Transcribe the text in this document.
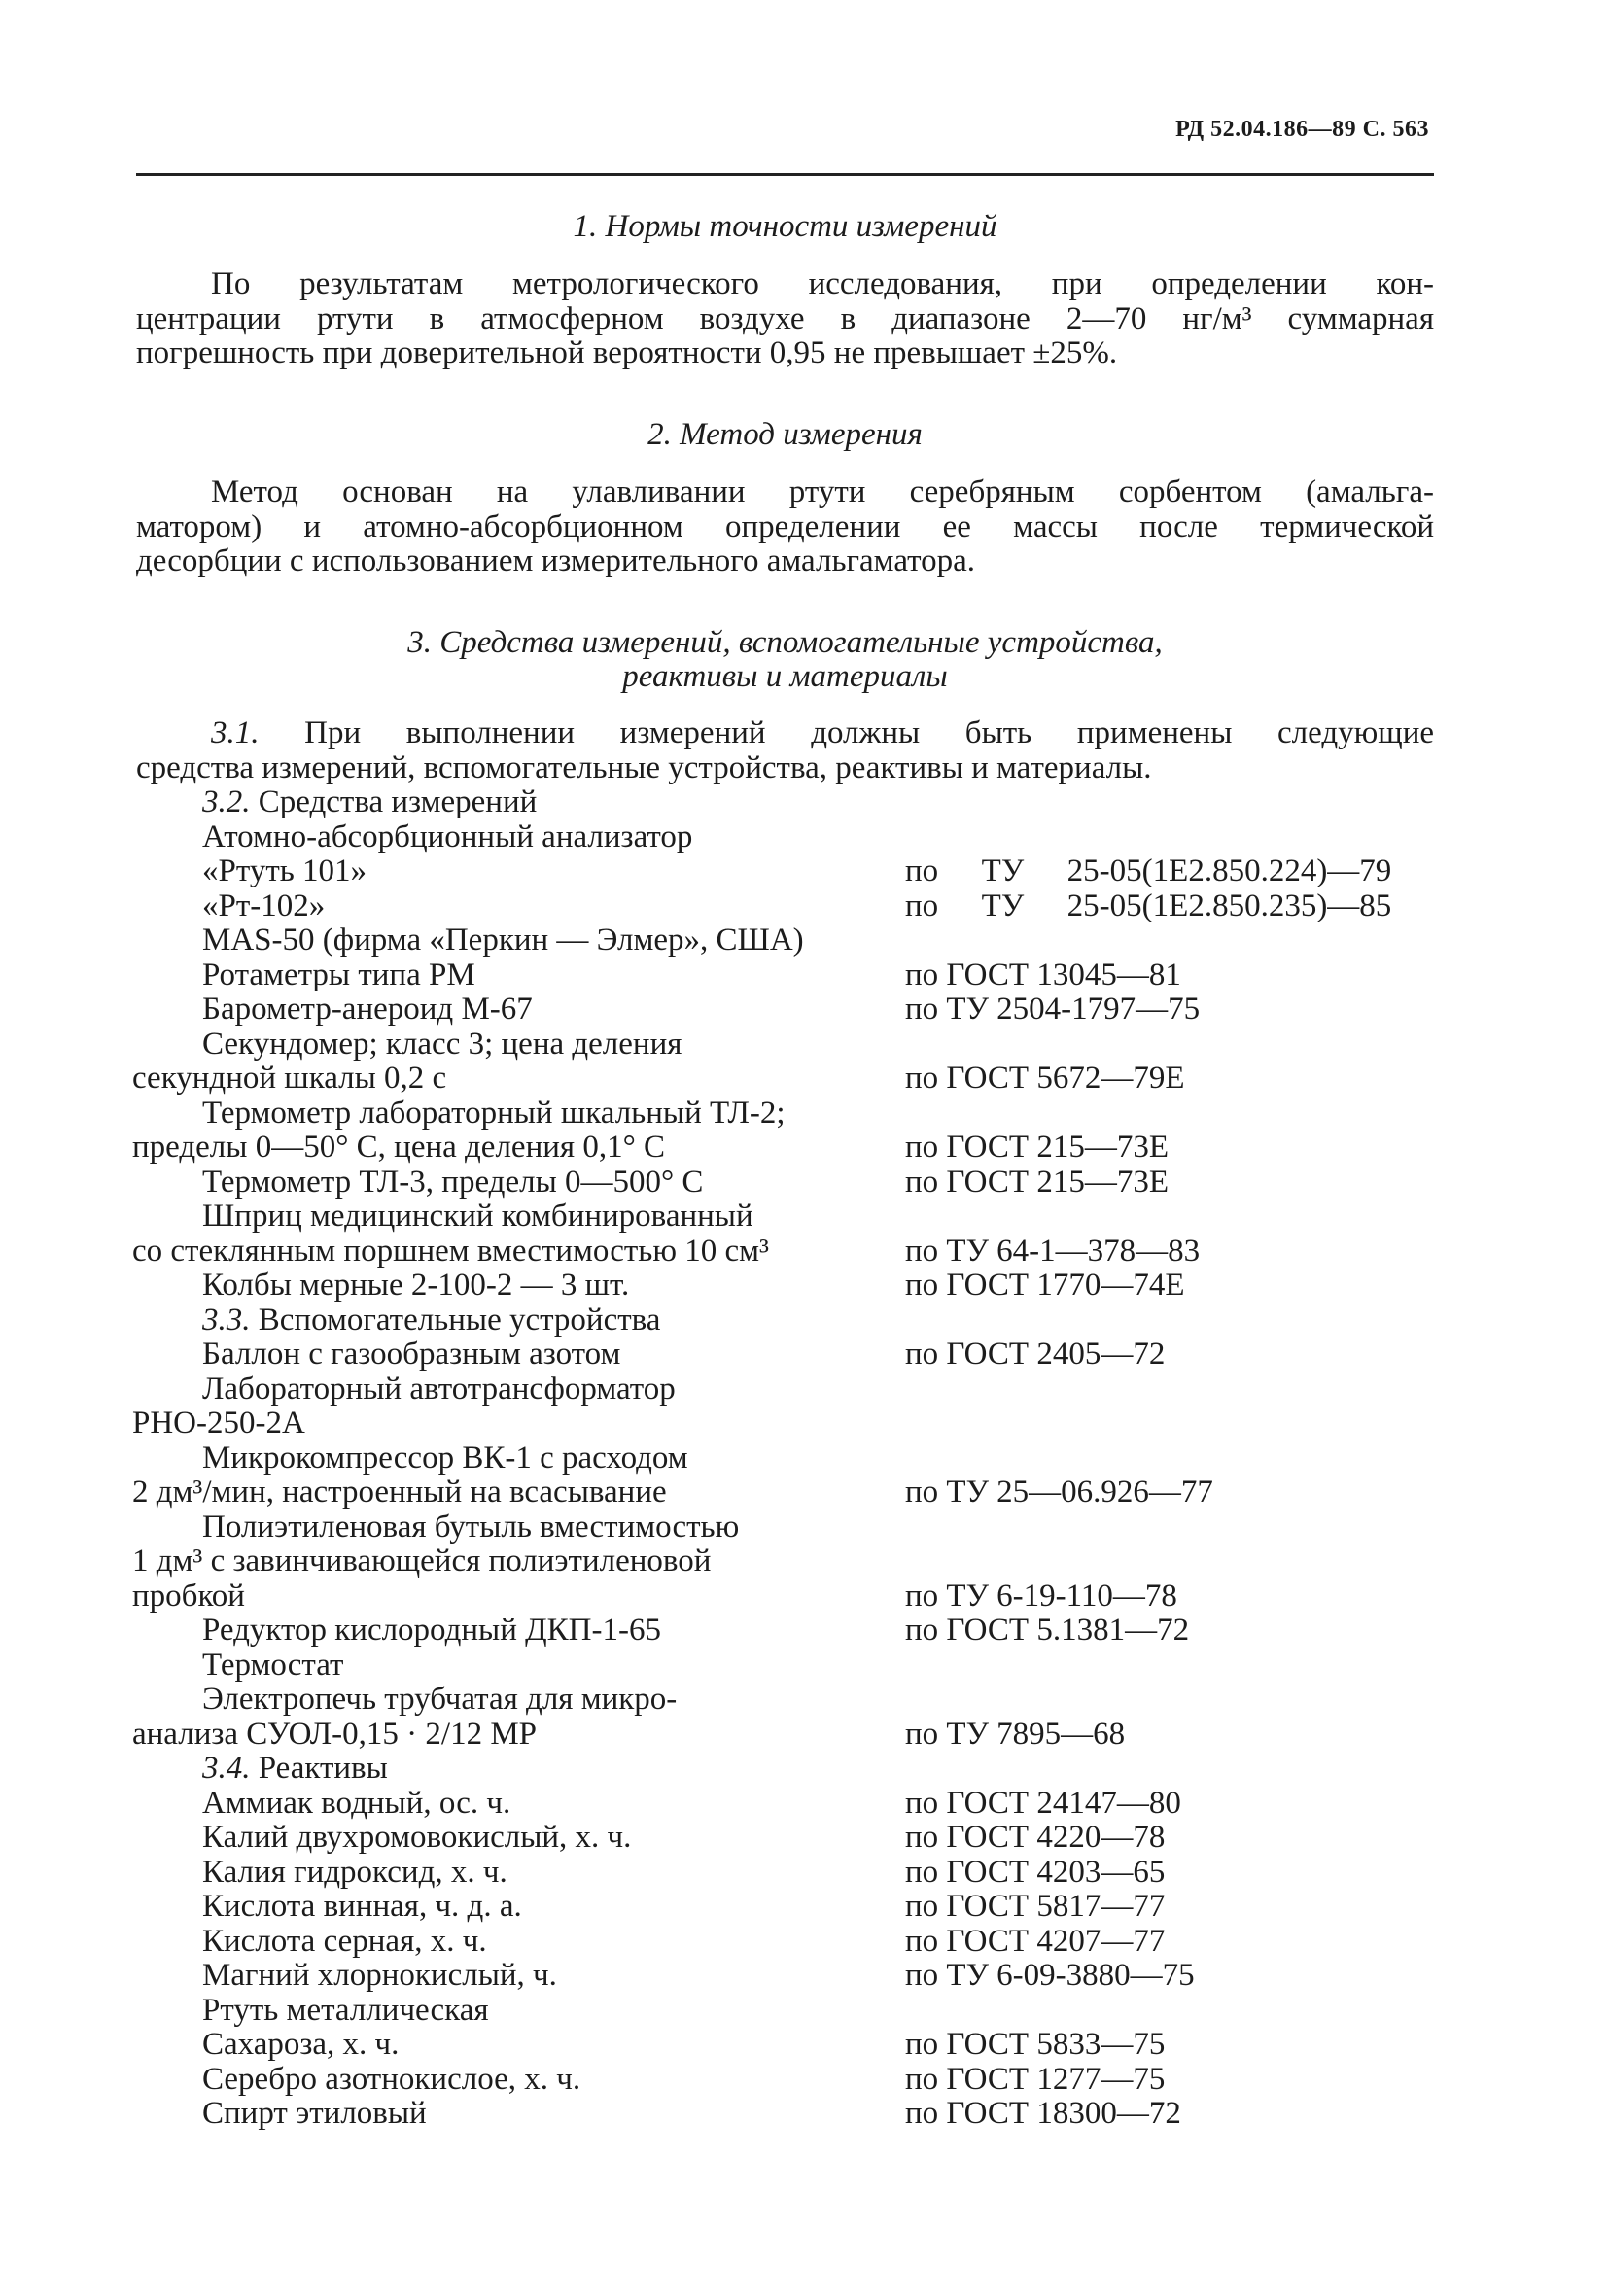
РД 52.04.186—89 С. 563
1. Нормы точности измерений
По результатам метрологического исследования, при определении кон-
центрации ртути в атмосферном воздухе в диапазоне 2—70 нг/м³ суммарная
погрешность при доверительной вероятности 0,95 не превышает ±25%.
2. Метод измерения
Метод основан на улавливании ртути серебряным сорбентом (амальга-
матором) и атомно-абсорбционном определении ее массы после термической
десорбции с использованием измерительного амальгаматора.
3. Средства измерений, вспомогательные устройства,
реактивы и материалы
3.1. При выполнении измерений должны быть применены следующие
средства измерений, вспомогательные устройства, реактивы и материалы.
3.2. Средства измерений
Атомно-абсорбционный анализатор
«Ртуть 101»	по  ТУ  25-05(1Е2.850.224)—79
«Рт-102»	по  ТУ  25-05(1Е2.850.235)—85
MAS-50 (фирма «Перкин — Элмер», США)
Ротаметры типа РМ	по ГОСТ 13045—81
Барометр-анероид М-67	по ТУ 2504-1797—75
Секундомер; класс 3; цена деления
секундной шкалы 0,2 с	по ГОСТ 5672—79Е
Термометр лабораторный шкальный ТЛ-2;
пределы 0—50° С, цена деления 0,1° С	по ГОСТ 215—73Е
Термометр ТЛ-3, пределы 0—500° С	по ГОСТ 215—73Е
Шприц медицинский комбинированный
со стеклянным поршнем вместимостью 10 см³	по ТУ 64-1—378—83
Колбы мерные 2-100-2 — 3 шт.	по ГОСТ 1770—74Е
3.3. Вспомогательные устройства
Баллон с газообразным азотом	по ГОСТ 2405—72
Лабораторный автотрансформатор
РНО-250-2А
Микрокомпрессор ВК-1 с расходом
2 дм³/мин, настроенный на всасывание	по ТУ 25—06.926—77
Полиэтиленовая бутыль вместимостью
1 дм³ с завинчивающейся полиэтиленовой
пробкой	по ТУ 6-19-110—78
Редуктор кислородный ДКП-1-65	по ГОСТ 5.1381—72
Термостат
Электропечь трубчатая для микро-
анализа СУОЛ-0,15 · 2/12 МР	по ТУ 7895—68
3.4. Реактивы
Аммиак водный, ос. ч.	по ГОСТ 24147—80
Калий двухромовокислый, х. ч.	по ГОСТ 4220—78
Калия гидроксид, х. ч.	по ГОСТ 4203—65
Кислота винная, ч. д. а.	по ГОСТ 5817—77
Кислота серная, х. ч.	по ГОСТ 4207—77
Магний хлорнокислый, ч.	по ТУ 6-09-3880—75
Ртуть металлическая
Сахароза, х. ч.	по ГОСТ 5833—75
Серебро азотнокислое, х. ч.	по ГОСТ 1277—75
Спирт этиловый	по ГОСТ 18300—72
